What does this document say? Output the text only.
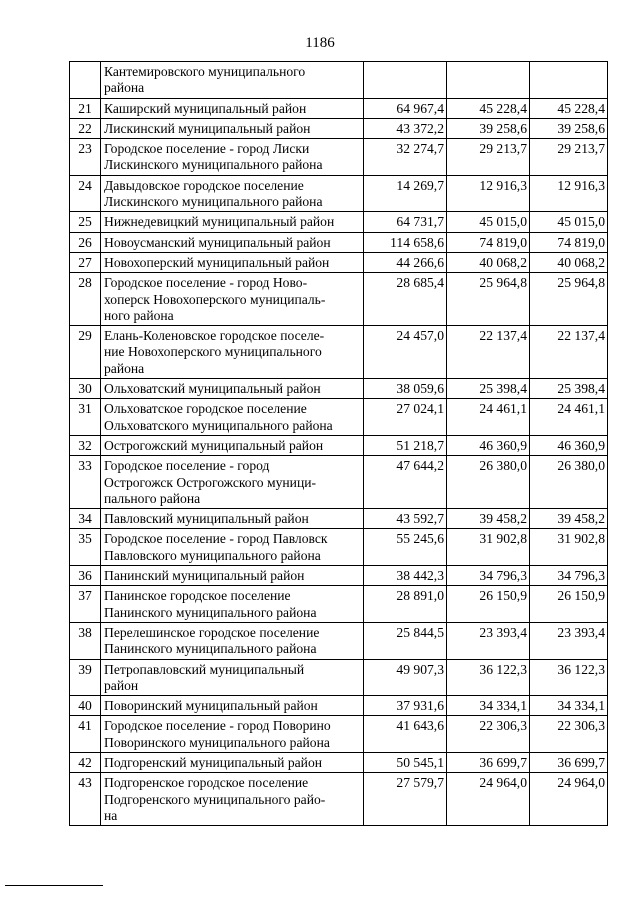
1186
	Кантемировского муниципального
района			
21	Каширский муниципальный район	64 967,4	45 228,4	45 228,4
22	Лискинский муниципальный район	43 372,2	39 258,6	39 258,6
23	Городское поселение - город Лиски
Лискинского муниципального района	32 274,7	29 213,7	29 213,7
24	Давыдовское городское поселение
Лискинского муниципального района	14 269,7	12 916,3	12 916,3
25	Нижнедевицкий муниципальный район	64 731,7	45 015,0	45 015,0
26	Новоусманский муниципальный район	114 658,6	74 819,0	74 819,0
27	Новохоперский муниципальный район	44 266,6	40 068,2	40 068,2
28	Городское поселение - город Ново-
хоперск Новохоперского муниципаль-
ного района	28 685,4	25 964,8	25 964,8
29	Елань-Коленовское городское поселе-
ние Новохоперского муниципального
района	24 457,0	22 137,4	22 137,4
30	Ольховатский муниципальный район	38 059,6	25 398,4	25 398,4
31	Ольховатское городское поселение
Ольховатского муниципального района	27 024,1	24 461,1	24 461,1
32	Острогожский муниципальный район	51 218,7	46 360,9	46 360,9
33	Городское поселение - город
Острогожск Острогожского муници-
пального района	47 644,2	26 380,0	26 380,0
34	Павловский муниципальный район	43 592,7	39 458,2	39 458,2
35	Городское поселение - город Павловск
Павловского муниципального района	55 245,6	31 902,8	31 902,8
36	Панинский муниципальный район	38 442,3	34 796,3	34 796,3
37	Панинское городское поселение
Панинского муниципального района	28 891,0	26 150,9	26 150,9
38	Перелешинское городское поселение
Панинского муниципального района	25 844,5	23 393,4	23 393,4
39	Петропавловский муниципальный
район	49 907,3	36 122,3	36 122,3
40	Поворинский муниципальный район	37 931,6	34 334,1	34 334,1
41	Городское поселение - город Поворино
Поворинского муниципального района	41 643,6	22 306,3	22 306,3
42	Подгоренский муниципальный район	50 545,1	36 699,7	36 699,7
43	Подгоренское городское поселение
Подгоренского муниципального райо-
на	27 579,7	24 964,0	24 964,0
